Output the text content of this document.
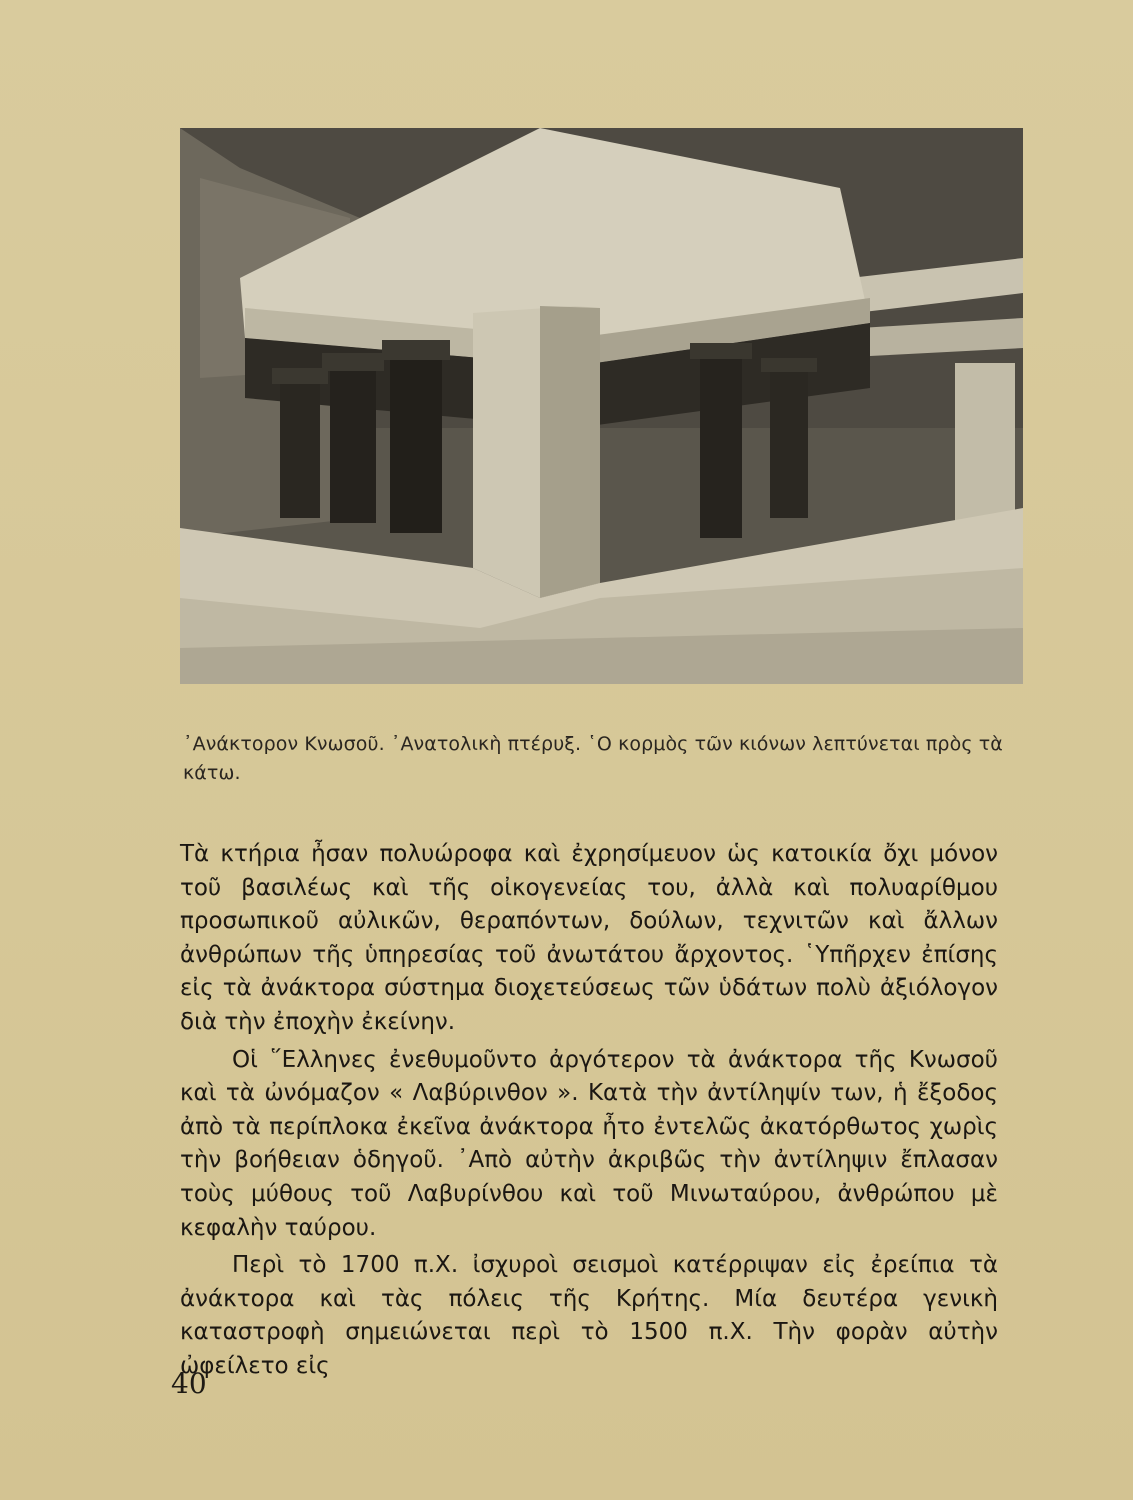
᾿Ανάκτορον Κνωσοῦ. ᾿Ανατολικὴ πτέρυξ. ῾Ο κορμὸς τῶν κιόνων λεπτύνεται πρὸς τὰ κάτω.

Τὰ κτήρια ἦσαν πολυώροφα καὶ ἐχρησίμευον ὡς κατοικία ὄχι μόνον τοῦ βασιλέως καὶ τῆς οἰκογενείας του, ἀλλὰ καὶ πολυαρίθμου προσωπικοῦ αὐλικῶν, θεραπόντων, δούλων, τεχνιτῶν καὶ ἄλλων ἀνθρώπων τῆς ὑπηρεσίας τοῦ ἀνωτάτου ἄρχοντος. ῾Υπῆρχεν ἐπίσης εἰς τὰ ἀνάκτορα σύστημα διοχετεύσεως τῶν ὑδάτων πολὺ ἀξιόλογον διὰ τὴν ἐποχὴν ἐκείνην.

Οἱ ῞Ελληνες ἐνεθυμοῦντο ἀργότερον τὰ ἀνάκτορα τῆς Κνωσοῦ καὶ τὰ ὠνόμαζον « Λαβύρινθον ». Κατὰ τὴν ἀντίληψίν των, ἡ ἔξοδος ἀπὸ τὰ περίπλοκα ἐκεῖνα ἀνάκτορα ἦτο ἐντελῶς ἀκατόρθωτος χωρὶς τὴν βοήθειαν ὁδηγοῦ. ᾿Απὸ αὐτὴν ἀκριβῶς τὴν ἀντίληψιν ἔπλασαν τοὺς μύθους τοῦ Λαβυρίνθου καὶ τοῦ Μινωταύρου, ἀνθρώπου μὲ κεφαλὴν ταύρου.

Περὶ τὸ 1700 π.Χ. ἰσχυροὶ σεισμοὶ κατέρριψαν εἰς ἐρείπια τὰ ἀνάκτορα καὶ τὰς πόλεις τῆς Κρήτης. Μία δευτέρα γενικὴ καταστροφὴ σημειώνεται περὶ τὸ 1500 π.Χ. Τὴν φορὰν αὐτὴν ὠφείλετο εἰς

40
